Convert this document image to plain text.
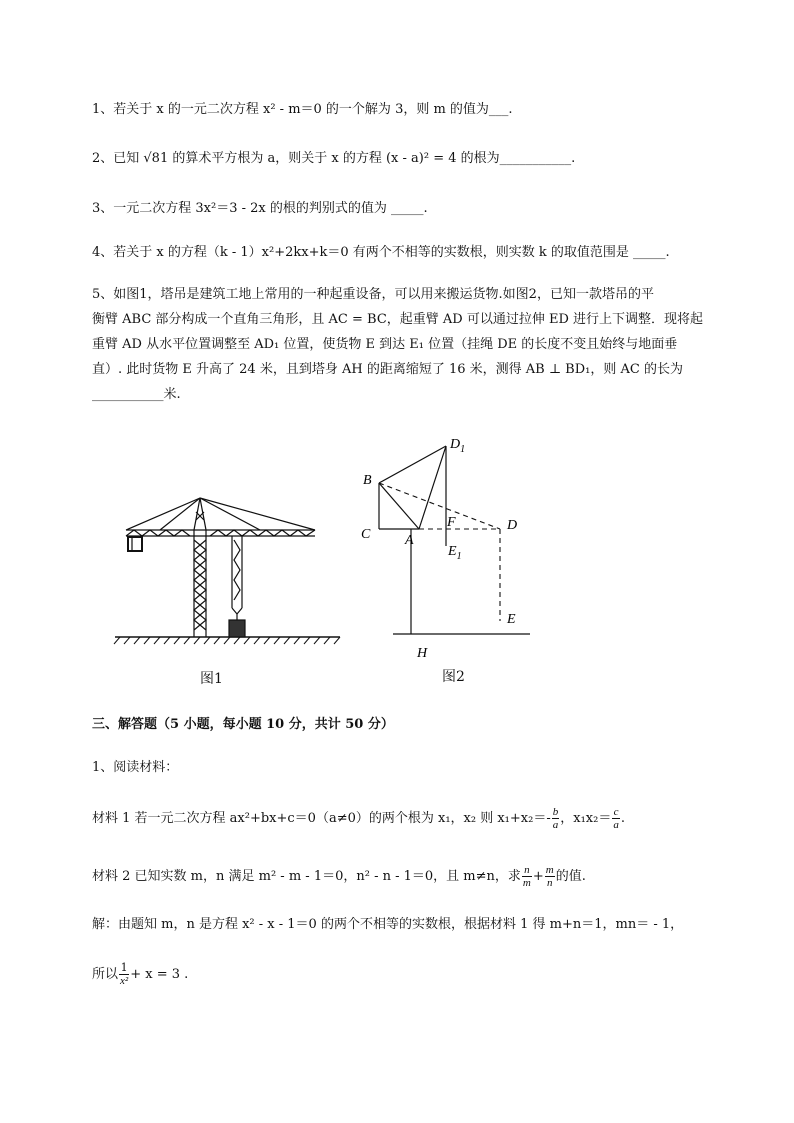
1、若关于 x 的一元二次方程 x² - m＝0 的一个解为 3，则 m 的值为___.
2、已知 √81 的算术平方根为 a，则关于 x 的方程 (x - a)² = 4 的根为___________.
3、一元二次方程 3x²＝3 - 2x 的根的判别式的值为 _____.
4、若关于 x 的方程（k - 1）x²+2kx+k＝0 有两个不相等的实数根，则实数 k 的取值范围是 _____.
5、如图1，塔吊是建筑工地上常用的一种起重设备，可以用来搬运货物.如图2，已知一款塔吊的平
衡臂 ABC 部分构成一个直角三角形，且 AC = BC，起重臂 AD 可以通过拉伸 ED 进行上下调整．现将起
重臂 AD 从水平位置调整至 AD₁ 位置，使货物 E 到达 E₁ 位置（挂绳 DE 的长度不变且始终与地面垂
直）. 此时货物 E 升高了 24 米，且到塔身 AH 的距离缩短了 16 米，测得 AB ⊥ BD₁，则 AC 的长为
___________米.
图1
$D_1$
B
C A
F	D
$E_1$
E
H
图2
三、解答题（5 小题，每小题 10 分，共计 50 分）
1、阅读材料：
材料 1 若一元二次方程 ax²+bx+c＝0（a≠0）的两个根为 x₁，x₂ 则 $x_1+x_2=- \frac{b}{a}$ ，$x_1x_2= \frac{c}{a}$ .
材料 2 已知实数 m，n 满足 m² - m - 1＝0，n² - n - 1＝0，且 m≠n，求 $\frac{n}{m} + \frac{m}{n}$ 的值.
解：由题知 m，n 是方程 x² - x - 1＝0 的两个不相等的实数根，根据材料 1 得 m+n＝1，mn＝ - 1，
所以 $\frac{1}{\text{x²}} + x = 3$ .
